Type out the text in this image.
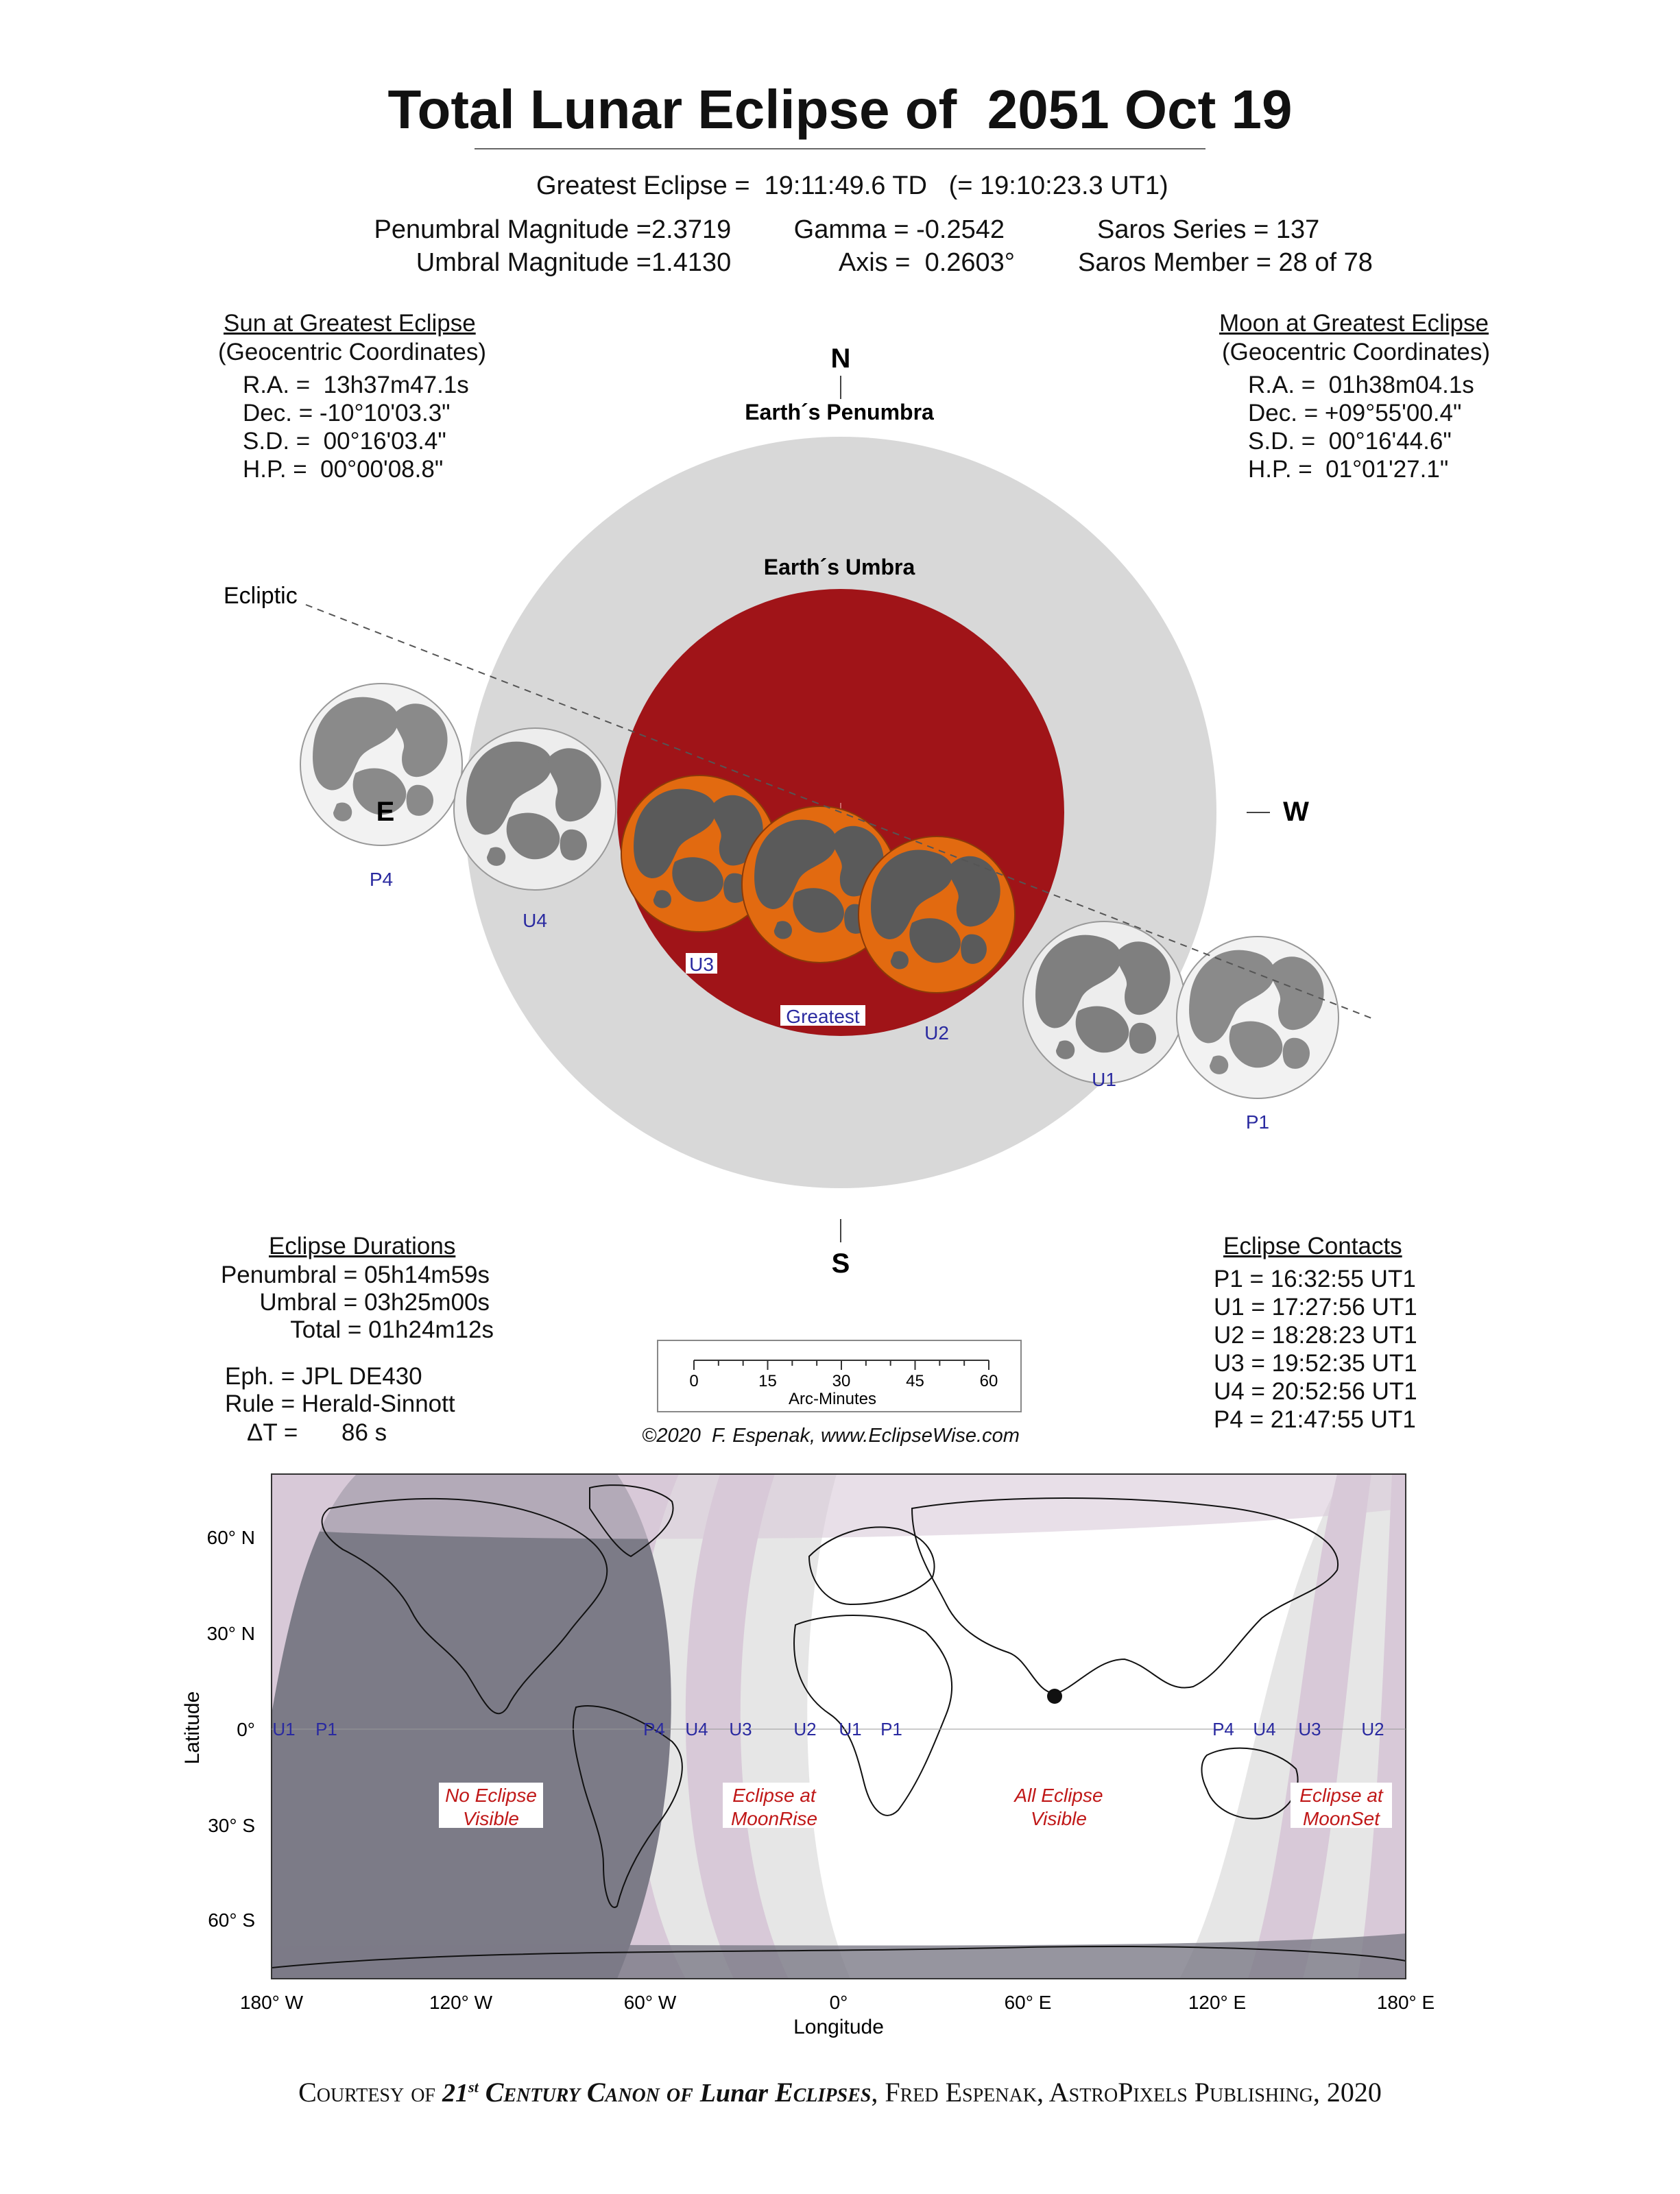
Total Lunar Eclipse of  2051 Oct 19
Greatest Eclipse =  19:11:49.6 TD   (= 19:10:23.3 UT1)
Penumbral Magnitude = 2.3719
Umbral Magnitude = 1.4130
Gamma = -0.2542
Axis =  0.2603°
Saros Series = 137
Saros Member = 28 of 78
Sun at Greatest Eclipse
(Geocentric Coordinates)
R.A. =  13h37m47.1s
Dec. = -10°10'03.3"
S.D. =  00°16'03.4"
H.P. =  00°00'08.8"
Moon at Greatest Eclipse
(Geocentric Coordinates)
R.A. =  01h38m04.1s
Dec. = +09°55'00.4"
S.D. =  00°16'44.6"
H.P. =  01°01'27.1"
N
S
E	W
Earth´s Penumbra
Earth´s Umbra
Ecliptic
P4
U4
U3
Greatest
U2
U1
P1
Eclipse Durations
Penumbral = 05h14m59s
Umbral = 03h25m00s
Total = 01h24m12s
Eph. = JPL DE430
Rule = Herald-Sinnott
ΔT = 86 s
0	15	30	45	60
Arc-Minutes
©2020  F. Espenak, www.EclipseWise.com
Eclipse Contacts
P1 = 16:32:55 UT1
U1 = 17:27:56 UT1
U2 = 18:28:23 UT1
U3 = 19:52:35 UT1
U4 = 20:52:56 UT1
P4 = 21:47:55 UT1
60° N
30° N
0°
30° S
60° S
180° W	120° W	60° W	0°	60° E	120° E	180° E
Longitude
Latitude	U1 P1	P4 U4 U3 U2 U1 P1	P4 U4 U3 U2
No Eclipse
Visible
Eclipse at
MoonRise
All Eclipse
Visible
Eclipse at
MoonSet
Courtesy of 21st Century Canon of Lunar Eclipses, Fred Espenak, AstroPixels Publishing, 2020
